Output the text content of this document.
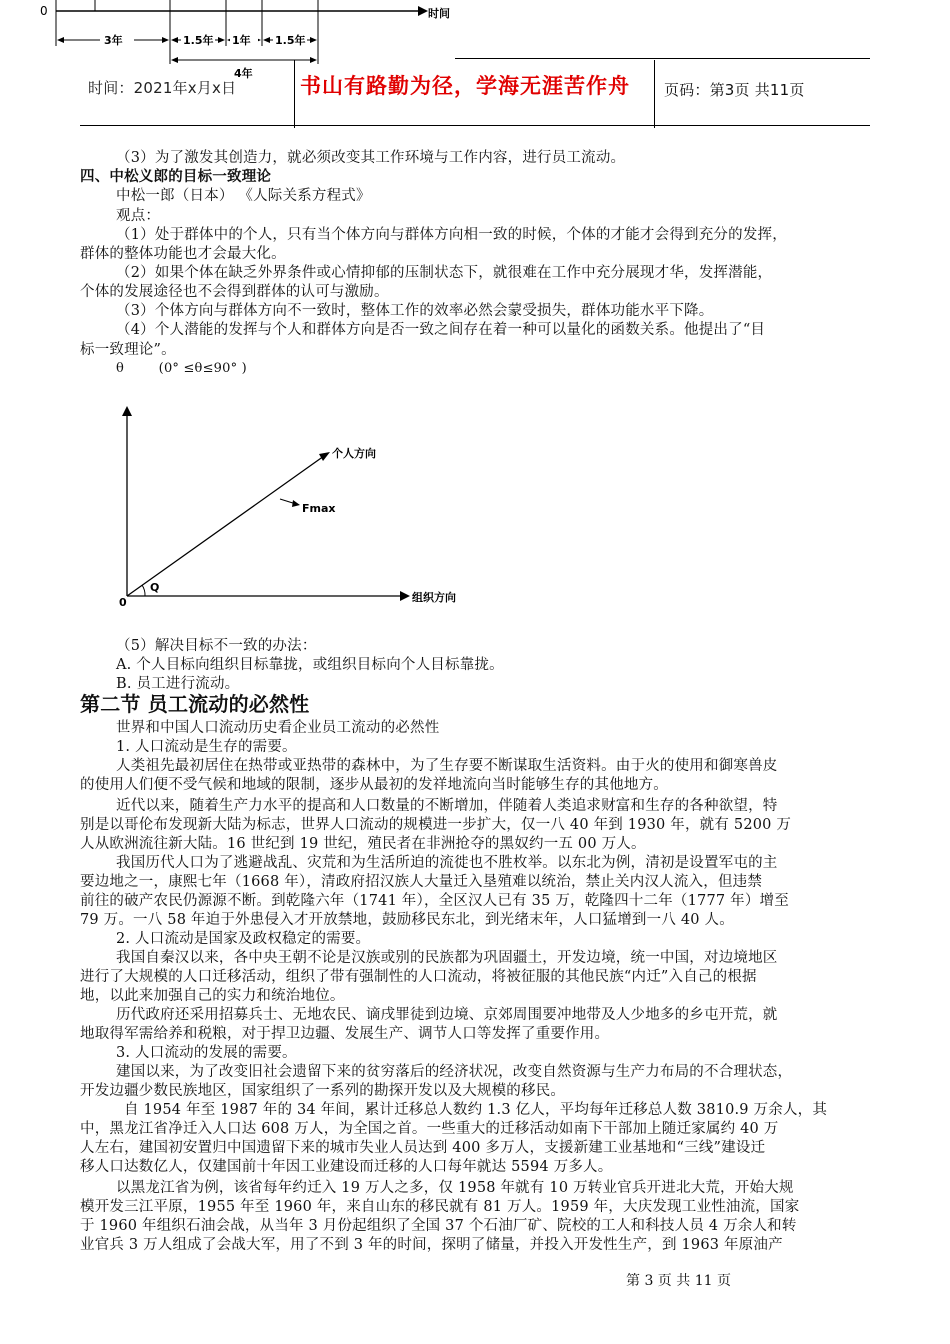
0	时间
3年	1.5年 1年 1.5年
4年
时间：2021年x月x日	书山有路勤为径，学海无涯苦作舟 页码：第3页 共11页
（3）为了激发其创造力，就必须改变其工作环境与工作内容，进行员工流动。
四、中松义郎的目标一致理论
中松一郎（日本） 《人际关系方程式》
观点：
（1）处于群体中的个人，只有当个体方向与群体方向相一致的时候，个体的才能才会得到充分的发挥，
群体的整体功能也才会最大化。
（2）如果个体在缺乏外界条件或心情抑郁的压制状态下，就很难在工作中充分展现才华，发挥潜能，
个体的发展途径也不会得到群体的认可与激励。
（3）个体方向与群体方向不一致时，整体工作的效率必然会蒙受损失，群体功能水平下降。
（4）个人潜能的发挥与个人和群体方向是否一致之间存在着一种可以量化的函数关系。他提出了“目
标一致理论”。
θ        (0° ≤θ≤90° )
0
Q
个人方向
Fmax
组织方向
（5）解决目标不一致的办法：
A. 个人目标向组织目标靠拢，或组织目标向个人目标靠拢。
B. 员工进行流动。
第二节 员工流动的必然性
世界和中国人口流动历史看企业员工流动的必然性
1. 人口流动是生存的需要。
人类祖先最初居住在热带或亚热带的森林中，为了生存要不断谋取生活资料。由于火的使用和御寒兽皮
的使用人们便不受气候和地域的限制，逐步从最初的发祥地流向当时能够生存的其他地方。
近代以来，随着生产力水平的提高和人口数量的不断增加，伴随着人类追求财富和生存的各种欲望，特
别是以哥伦布发现新大陆为标志，世界人口流动的规模进一步扩大，仅一八 40 年到 1930 年，就有 5200 万
人从欧洲流往新大陆。16 世纪到 19 世纪，殖民者在非洲抢夺的黑奴约一五 00 万人。
我国历代人口为了逃避战乱、灾荒和为生活所迫的流徙也不胜枚举。以东北为例，清初是设置军屯的主
要边地之一，康熙七年（1668 年），清政府招汉族人大量迁入垦殖难以统治，禁止关内汉人流入，但违禁
前往的破产农民仍源源不断。到乾隆六年（1741 年），全区汉人已有 35 万，乾隆四十二年（1777 年）增至
79 万。一八 58 年迫于外患侵入才开放禁地，鼓励移民东北，到光绪末年，人口猛增到一八 40 人。
2. 人口流动是国家及政权稳定的需要。
我国自秦汉以来，各中央王朝不论是汉族或别的民族都为巩固疆土，开发边境，统一中国，对边境地区
进行了大规模的人口迁移活动，组织了带有强制性的人口流动，将被征服的其他民族“内迁”入自己的根据
地，以此来加强自己的实力和统治地位。
历代政府还采用招募兵士、无地农民、谪戌罪徒到边境、京郊周围要冲地带及人少地多的乡屯开荒，就
地取得军需给养和税粮，对于捍卫边疆、发展生产、调节人口等发挥了重要作用。
3. 人口流动的发展的需要。
建国以来，为了改变旧社会遗留下来的贫穷落后的经济状况，改变自然资源与生产力布局的不合理状态，
开发边疆少数民族地区，国家组织了一系列的勘探开发以及大规模的移民。
自 1954 年至 1987 年的 34 年间，累计迁移总人数约 1.3 亿人，平均每年迁移总人数 3810.9 万余人，其
中，黑龙江省净迁入人口达 608 万人，为全国之首。一些重大的迁移活动如南下干部加上随迁家属约 40 万
人左右，建国初安置归中国遗留下来的城市失业人员达到 400 多万人，支援新建工业基地和“三线”建设迁
移人口达数亿人，仅建国前十年因工业建设而迁移的人口每年就达 5594 万多人。
以黑龙江省为例，该省每年约迁入 19 万人之多，仅 1958 年就有 10 万转业官兵开进北大荒，开始大规
模开发三江平原，1955 年至 1960 年，来自山东的移民就有 81 万人。1959 年，大庆发现工业性油流，国家
于 1960 年组织石油会战，从当年 3 月份起组织了全国 37 个石油厂矿、院校的工人和科技人员 4 万余人和转
业官兵 3 万人组成了会战大军，用了不到 3 年的时间，探明了储量，并投入开发性生产，到 1963 年原油产
第 3 页 共 11 页
